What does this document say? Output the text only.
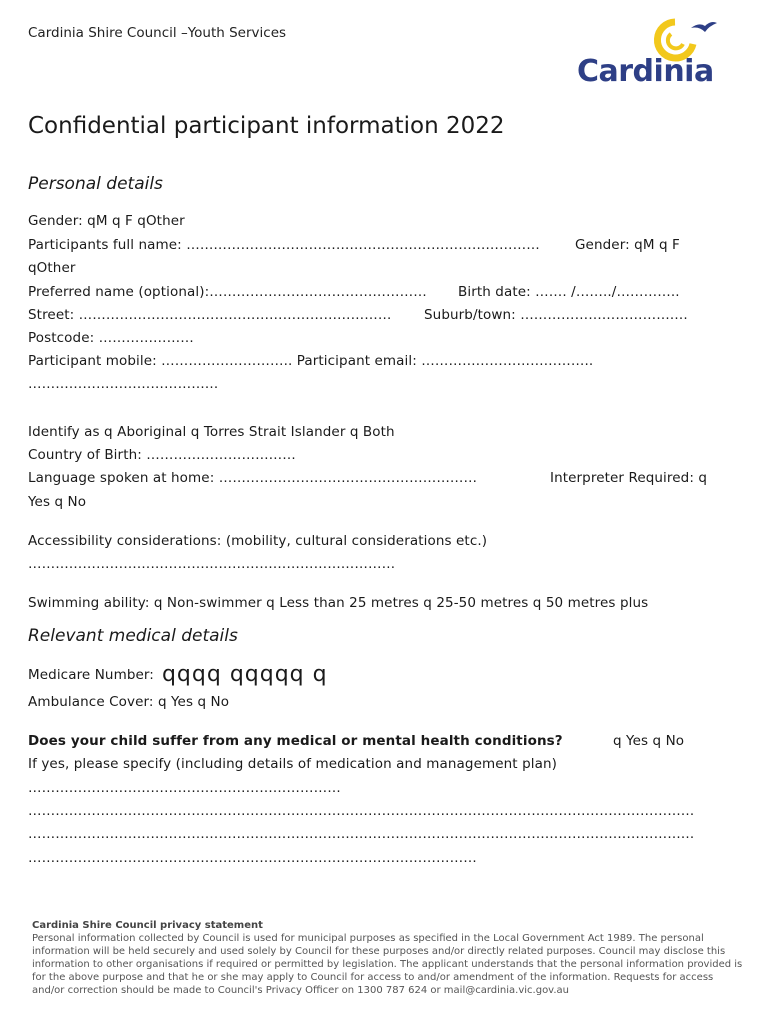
Cardinia Shire Council –Youth Services
Cardinia
Confidential participant information 2022
Personal details
Gender: qM q F qOther
Participants full name: ……………………………………………………………………	Gender: qM q F
qOther
Preferred name (optional):………………………………………… Birth date: ……. /……../…………..
Street: …………………………………………………………… Suburb/town: ……………………………….
Postcode: …………………
Participant mobile: ……………………….. Participant email: ………………………………..
……………………………………
Identify as q Aboriginal q Torres Strait Islander q Both
Country of Birth: ……………………………
Language spoken at home: …………………………………………………	Interpreter Required: q
Yes q No
Accessibility considerations: (mobility, cultural considerations etc.)
………………………………………………………………………
Swimming ability: q Non-swimmer q Less than 25 metres q 25-50 metres q 50 metres plus
Relevant medical details
Medicare Number: qqqq qqqqq q
Ambulance Cover: q Yes q No
Does your child suffer from any medical or mental health conditions?	q Yes q No
If yes, please specify (including details of medication and management plan)
……………………………………………………………
…………………………………………………………………………………………………………………………………
…………………………………………………………………………………………………………………………………
………………………………………………………………………………………
Cardinia Shire Council privacy statement
Personal information collected by Council is used for municipal purposes as specified in the Local Government Act 1989. The personal information will be held securely and used solely by Council for these purposes and/or directly related purposes. Council may disclose this information to other organisations if required or permitted by legislation. The applicant understands that the personal information provided is for the above purpose and that he or she may apply to Council for access to and/or amendment of the information. Requests for access and/or correction should be made to Council's Privacy Officer on 1300 787 624 or mail@cardinia.vic.gov.au
